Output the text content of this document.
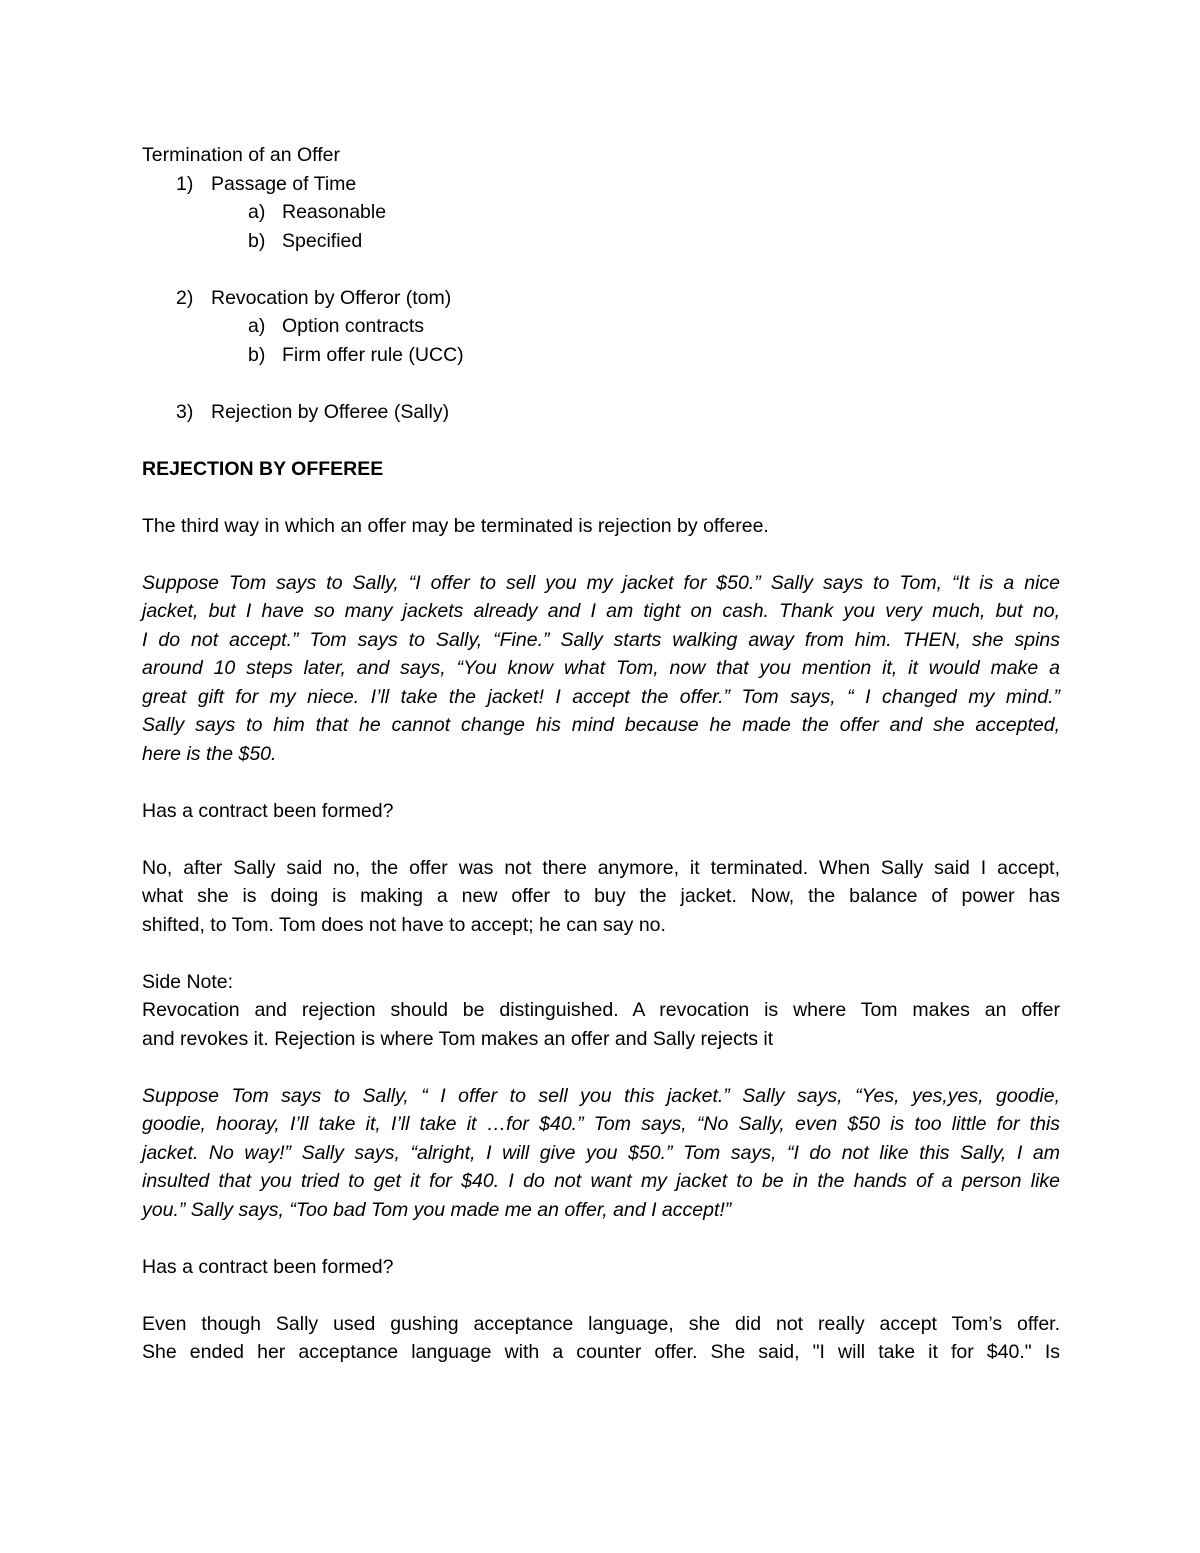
Termination of an Offer

1) Passage of Time

a) Reasonable

b) Specified

2) Revocation by Offeror (tom)

a) Option contracts

b) Firm offer rule (UCC)

3) Rejection by Offeree (Sally)

REJECTION BY OFFEREE

The third way in which an offer may be terminated is rejection by offeree.

Suppose Tom says to Sally, “I offer to sell you my jacket for $50.” Sally says to Tom, “It is a nice

jacket, but I have so many jackets already and I am tight on cash. Thank you very much, but no,

I do not accept.” Tom says to Sally, “Fine.” Sally starts walking away from him. THEN, she spins

around 10 steps later, and says, “You know what Tom, now that you mention it, it would make a

great gift for my niece. I’ll take the jacket! I accept the offer.” Tom says, “ I changed my mind.”

Sally says to him that he cannot change his mind because he made the offer and she accepted,

here is the $50.

Has a contract been formed?

No, after Sally said no, the offer was not there anymore, it terminated. When Sally said I accept,

what she is doing is making a new offer to buy the jacket. Now, the balance of power has

shifted, to Tom. Tom does not have to accept; he can say no.

Side Note:

Revocation and rejection should be distinguished. A revocation is where Tom makes an offer

and revokes it. Rejection is where Tom makes an offer and Sally rejects it

Suppose Tom says to Sally, “ I offer to sell you this jacket.” Sally says, “Yes, yes,yes, goodie,

goodie, hooray, I’ll take it, I’ll take it …for $40.” Tom says, “No Sally, even $50 is too little for this

jacket. No way!” Sally says, “alright, I will give you $50.” Tom says, “I do not like this Sally, I am

insulted that you tried to get it for $40. I do not want my jacket to be in the hands of a person like

you.” Sally says, “Too bad Tom you made me an offer, and I accept!”

Has a contract been formed?

Even though Sally used gushing acceptance language, she did not really accept Tom’s offer.

She ended her acceptance language with a counter offer. She said, "I will take it for $40." Is
